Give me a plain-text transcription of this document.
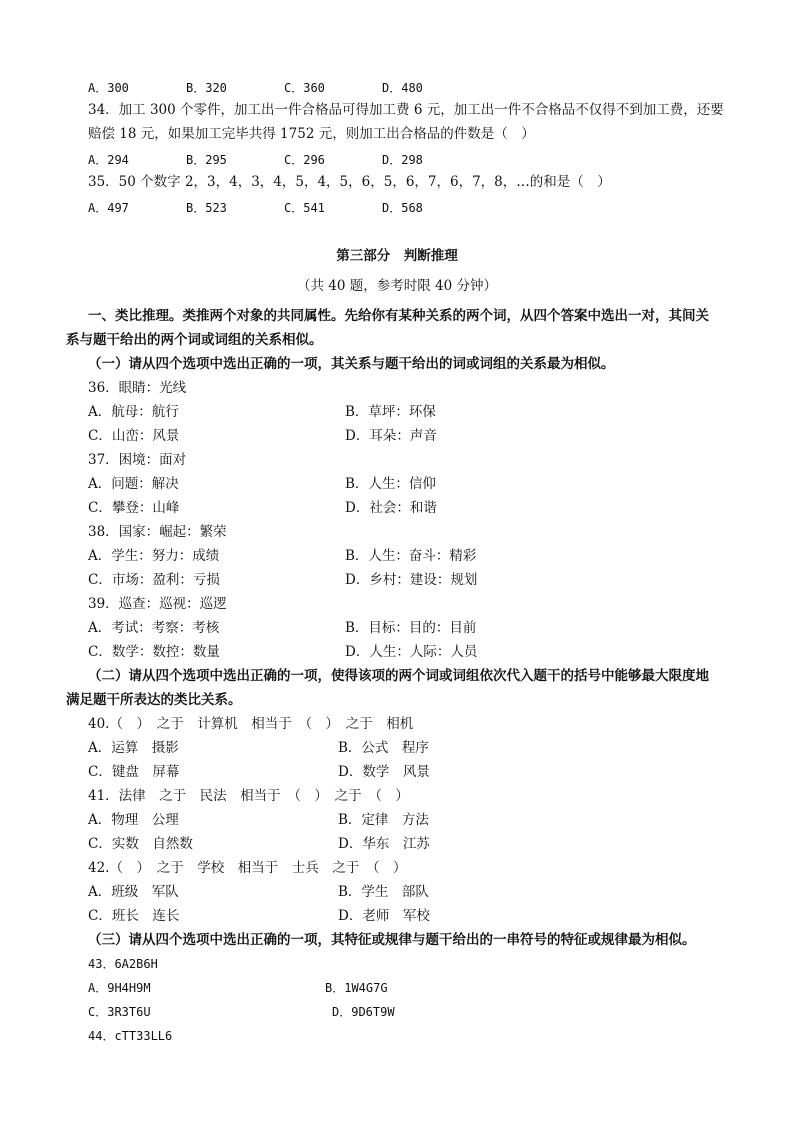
A．300	B．320	C．360	D．480
34．加工 300 个零件，加工出一件合格品可得加工费 6 元，加工出一件不合格品不仅得不到加工费，还要
赔偿 18 元，如果加工完毕共得 1752 元，则加工出合格品的件数是（　）
A．294	B．295	C．296	D．298
35．50 个数字 2，3，4，3，4，5，4，5，6，5，6，7，6，7，8，…的和是（　）
A．497	B．523	C．541	D．568
第三部分　判断推理
（共 40 题，参考时限 40 分钟）
一、类比推理。类推两个对象的共同属性。先给你有某种关系的两个词，从四个答案中选出一对，其间关
系与题干给出的两个词或词组的关系相似。
（一）请从四个选项中选出正确的一项，其关系与题干给出的词或词组的关系最为相似。
36．眼睛：光线
A．航母：航行	B．草坪：环保
C．山峦：风景	D．耳朵：声音
37．困境：面对
A．问题：解决	B．人生：信仰
C．攀登：山峰	D．社会：和谐
38．国家：崛起：繁荣
A．学生：努力：成绩	B．人生：奋斗：精彩
C．市场：盈利：亏损	D．乡村：建设：规划
39．巡查：巡视：巡逻
A．考试：考察：考核	B．目标：目的：目前
C．数学：数控：数量	D．人生：人际：人员
（二）请从四个选项中选出正确的一项，使得该项的两个词或词组依次代入题干的括号中能够最大限度地
满足题干所表达的类比关系。
40.（　）　之于　计算机　相当于　（　）　之于　相机
A．运算　摄影	B．公式　程序
C．键盘　屏幕	D．数学　风景
41．法律　之于　民法　相当于　（　）　之于　（　）
A．物理　公理	B．定律　方法
C．实数　自然数	D．华东　江苏
42.（　）　之于　学校　相当于　士兵　之于　（　）
A．班级　军队	B．学生　部队
C．班长　连长	D．老师　军校
（三）请从四个选项中选出正确的一项，其特征或规律与题干给出的一串符号的特征或规律最为相似。
43．6A2B6H
A．9H4H9M	B．1W4G7G
C．3R3T6U	D．9D6T9W
44．cTT33LL6
